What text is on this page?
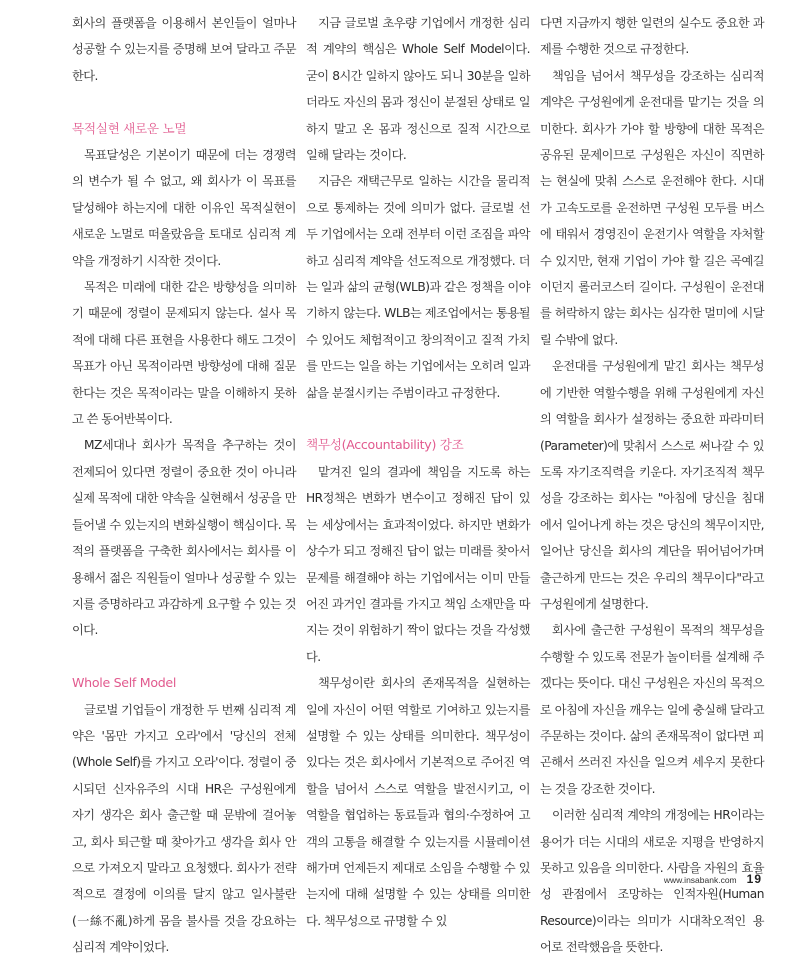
회사의 플랫폼을 이용해서 본인들이 얼마나 성공할 수 있는지를 증명해 보여 달라고 주문한다.

목적실현 새로운 노멀

목표달성은 기본이기 때문에 더는 경쟁력의 변수가 될 수 없고, 왜 회사가 이 목표를 달성해야 하는지에 대한 이유인 목적실현이 새로운 노멀로 떠올랐음을 토대로 심리적 계약을 개정하기 시작한 것이다.

목적은 미래에 대한 같은 방향성을 의미하기 때문에 정렬이 문제되지 않는다. 설사 목적에 대해 다른 표현을 사용한다 해도 그것이 목표가 아닌 목적이라면 방향성에 대해 질문한다는 것은 목적이라는 말을 이해하지 못하고 쓴 동어반복이다.

MZ세대나 회사가 목적을 추구하는 것이 전제되어 있다면 정렬이 중요한 것이 아니라 실제 목적에 대한 약속을 실현해서 성공을 만들어낼 수 있는지의 변화실행이 핵심이다. 목적의 플랫폼을 구축한 회사에서는 회사를 이용해서 젊은 직원들이 얼마나 성공할 수 있는지를 증명하라고 과감하게 요구할 수 있는 것이다.

Whole Self Model

글로벌 기업들이 개정한 두 번째 심리적 계약은 '몸만 가지고 오라'에서 '당신의 전체(Whole Self)를 가지고 오라'이다. 정렬이 중시되던 신자유주의 시대 HR은 구성원에게 자기 생각은 회사 출근할 때 문밖에 걸어놓고, 회사 퇴근할 때 찾아가고 생각을 회사 안으로 가져오지 말라고 요청했다. 회사가 전략적으로 결정에 이의를 달지 않고 일사불란(一絲不亂)하게 몸을 불사를 것을 강요하는 심리적 계약이었다.

지금 글로벌 초우량 기업에서 개정한 심리적 계약의 핵심은 Whole Self Model이다. 굳이 8시간 일하지 않아도 되니 30분을 일하더라도 자신의 몸과 정신이 분절된 상태로 일하지 말고 온 몸과 정신으로 질적 시간으로 일해 달라는 것이다.

지금은 재택근무로 일하는 시간을 물리적으로 통제하는 것에 의미가 없다. 글로벌 선두 기업에서는 오래 전부터 이런 조짐을 파악하고 심리적 계약을 선도적으로 개정했다. 더는 일과 삶의 균형(WLB)과 같은 정책을 이야기하지 않는다. WLB는 제조업에서는 통용될 수 있어도 체험적이고 창의적이고 질적 가치를 만드는 일을 하는 기업에서는 오히려 일과 삶을 분절시키는 주범이라고 규정한다.

책무성(Accountability) 강조

맡겨진 일의 결과에 책임을 지도록 하는 HR정책은 변화가 변수이고 정해진 답이 있는 세상에서는 효과적이었다. 하지만 변화가 상수가 되고 정해진 답이 없는 미래를 찾아서 문제를 해결해야 하는 기업에서는 이미 만들어진 과거인 결과를 가지고 책임 소재만을 따지는 것이 위험하기 짝이 없다는 것을 각성했다.

책무성이란 회사의 존재목적을 실현하는 일에 자신이 어떤 역할로 기여하고 있는지를 설명할 수 있는 상태를 의미한다. 책무성이 있다는 것은 회사에서 기본적으로 주어진 역할을 넘어서 스스로 역할을 발전시키고, 이 역할을 협업하는 동료들과 협의·수정하여 고객의 고통을 해결할 수 있는지를 시뮬레이션 해가며 언제든지 제대로 소임을 수행할 수 있는지에 대해 설명할 수 있는 상태를 의미한다. 책무성으로 규명할 수 있

다면 지금까지 행한 일련의 실수도 중요한 과제를 수행한 것으로 규정한다.

책임을 넘어서 책무성을 강조하는 심리적 계약은 구성원에게 운전대를 맡기는 것을 의미한다. 회사가 가야 할 방향에 대한 목적은 공유된 문제이므로 구성원은 자신이 직면하는 현실에 맞춰 스스로 운전해야 한다. 시대가 고속도로를 운전하면 구성원 모두를 버스에 태워서 경영진이 운전기사 역할을 자처할 수 있지만, 현재 기업이 가야 할 길은 곡예길이던지 롤러코스터 길이다. 구성원이 운전대를 허락하지 않는 회사는 심각한 멀미에 시달릴 수밖에 없다.

운전대를 구성원에게 맡긴 회사는 책무성에 기반한 역할수행을 위해 구성원에게 자신의 역할을 회사가 설정하는 중요한 파라미터(Parameter)에 맞춰서 스스로 써나갈 수 있도록 자기조직력을 키운다. 자기조직적 책무성을 강조하는 회사는 "아침에 당신을 침대에서 일어나게 하는 것은 당신의 책무이지만, 일어난 당신을 회사의 계단을 뛰어넘어가며 출근하게 만드는 것은 우리의 책무이다"라고 구성원에게 설명한다.

회사에 출근한 구성원이 목적의 책무성을 수행할 수 있도록 전문가 놀이터를 설계해 주겠다는 뜻이다. 대신 구성원은 자신의 목적으로 아침에 자신을 깨우는 일에 충실해 달라고 주문하는 것이다. 삶의 존재목적이 없다면 피곤해서 쓰러진 자신을 일으켜 세우지 못한다는 것을 강조한 것이다.

이러한 심리적 계약의 개정에는 HR이라는 용어가 더는 시대의 새로운 지평을 반영하지 못하고 있음을 의미한다. 사람을 자원의 효율성 관점에서 조망하는 인적자원(Human Resource)이라는 의미가 시대착오적인 용어로 전락했음을 뜻한다.

www.insabank.com 19
